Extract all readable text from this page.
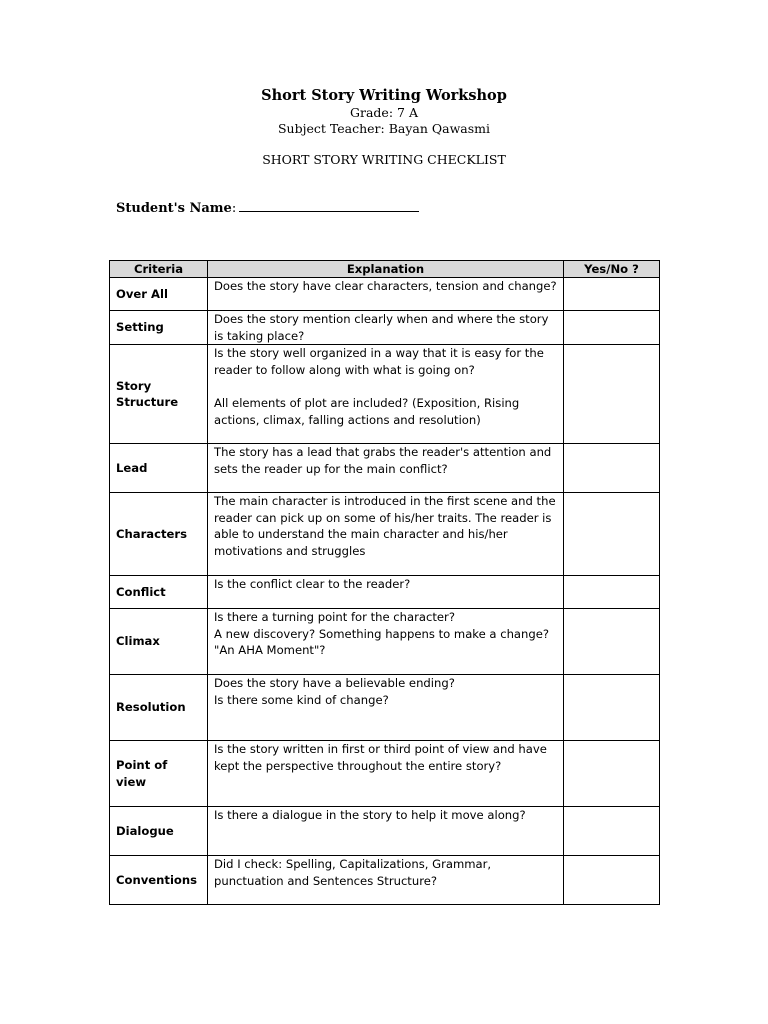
Short Story Writing Workshop
Grade: 7 A
Subject Teacher: Bayan Qawasmi
SHORT STORY WRITING CHECKLIST
Student's Name:
Criteria	Explanation	Yes/No ?
Over All	Does the story have clear characters, tension and change?	

Setting	Does the story mention clearly when and where the story is taking place?	

Story Structure	Is the story well organized in a way that it is easy for the reader to follow along with what is going on?
All elements of plot are included? (Exposition, Rising actions, climax, falling actions and resolution)	

Lead	The story has a lead that grabs the reader's attention and sets the reader up for the main conflict?	

Characters	The main character is introduced in the first scene and the reader can pick up on some of his/her traits. The reader is able to understand the main character and his/her motivations and struggles	

Conflict	Is the conflict clear to the reader?	

Climax	Is there a turning point for the character?
A new discovery? Something happens to make a change?
"An AHA Moment"?	

Resolution	Does the story have a believable ending?
Is there some kind of change?	

Point of view	Is the story written in first or third point of view and have kept the perspective throughout the entire story?	

Dialogue	Is there a dialogue in the story to help it move along?	

Conventions	Did I check: Spelling, Capitalizations, Grammar, punctuation and Sentences Structure?	
